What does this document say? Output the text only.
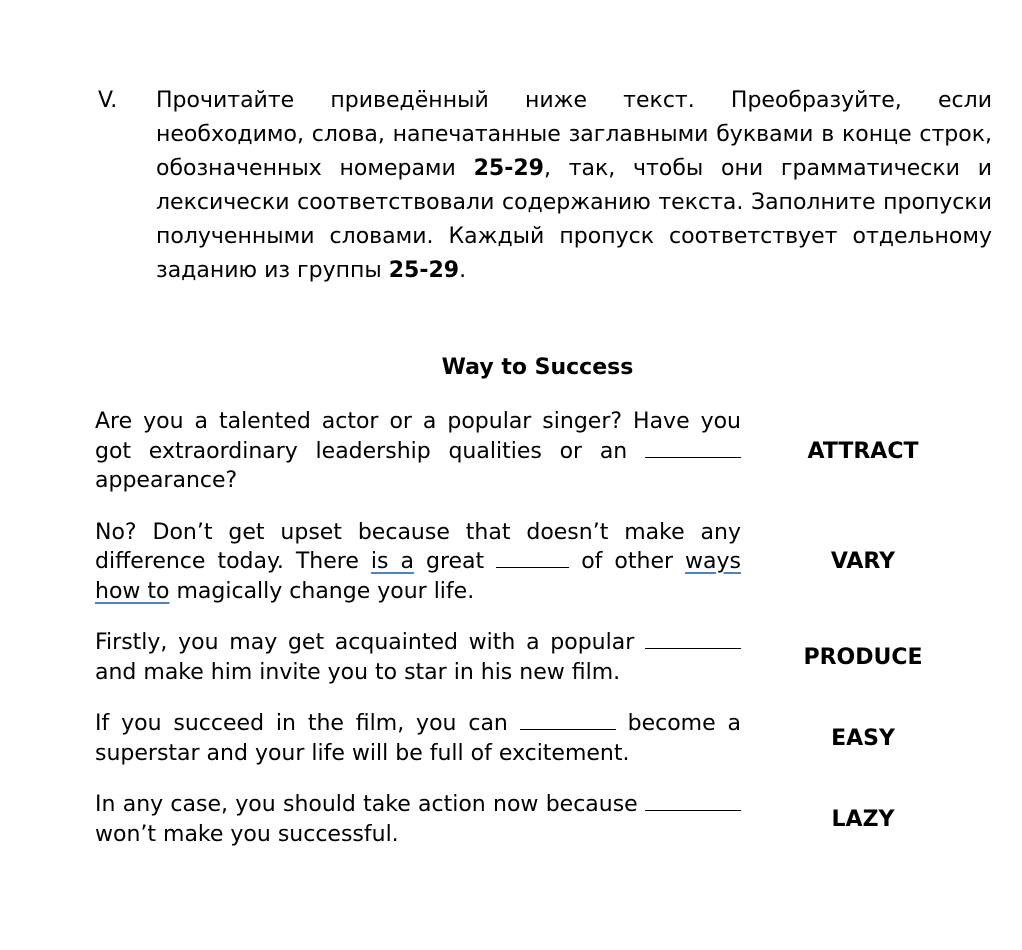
V. Прочитайте приведённый ниже текст. Преобразуйте, если необходимо, слова, напечатанные заглавными буквами в конце строк, обозначенных номерами 25-29, так, чтобы они грамматически и лексически соответствовали содержанию текста. Заполните пропуски полученными словами. Каждый пропуск соответствует отдельному заданию из группы 25-29.
Way to Success
Are you a talented actor or a popular singer? Have you got extraordinary leadership qualities or an  appearance?
ATTRACT
No? Don’t get upset because that doesn’t make any difference today. There is a great	of other ways how to magically change your life.
VARY
Firstly, you may get acquainted with a popular  and make him invite you to star in his new film.
PRODUCE
If you succeed in the film, you can	become a superstar and your life will be full of excitement.
EASY
In any case, you should take action now because  won’t make you successful.
LAZY
